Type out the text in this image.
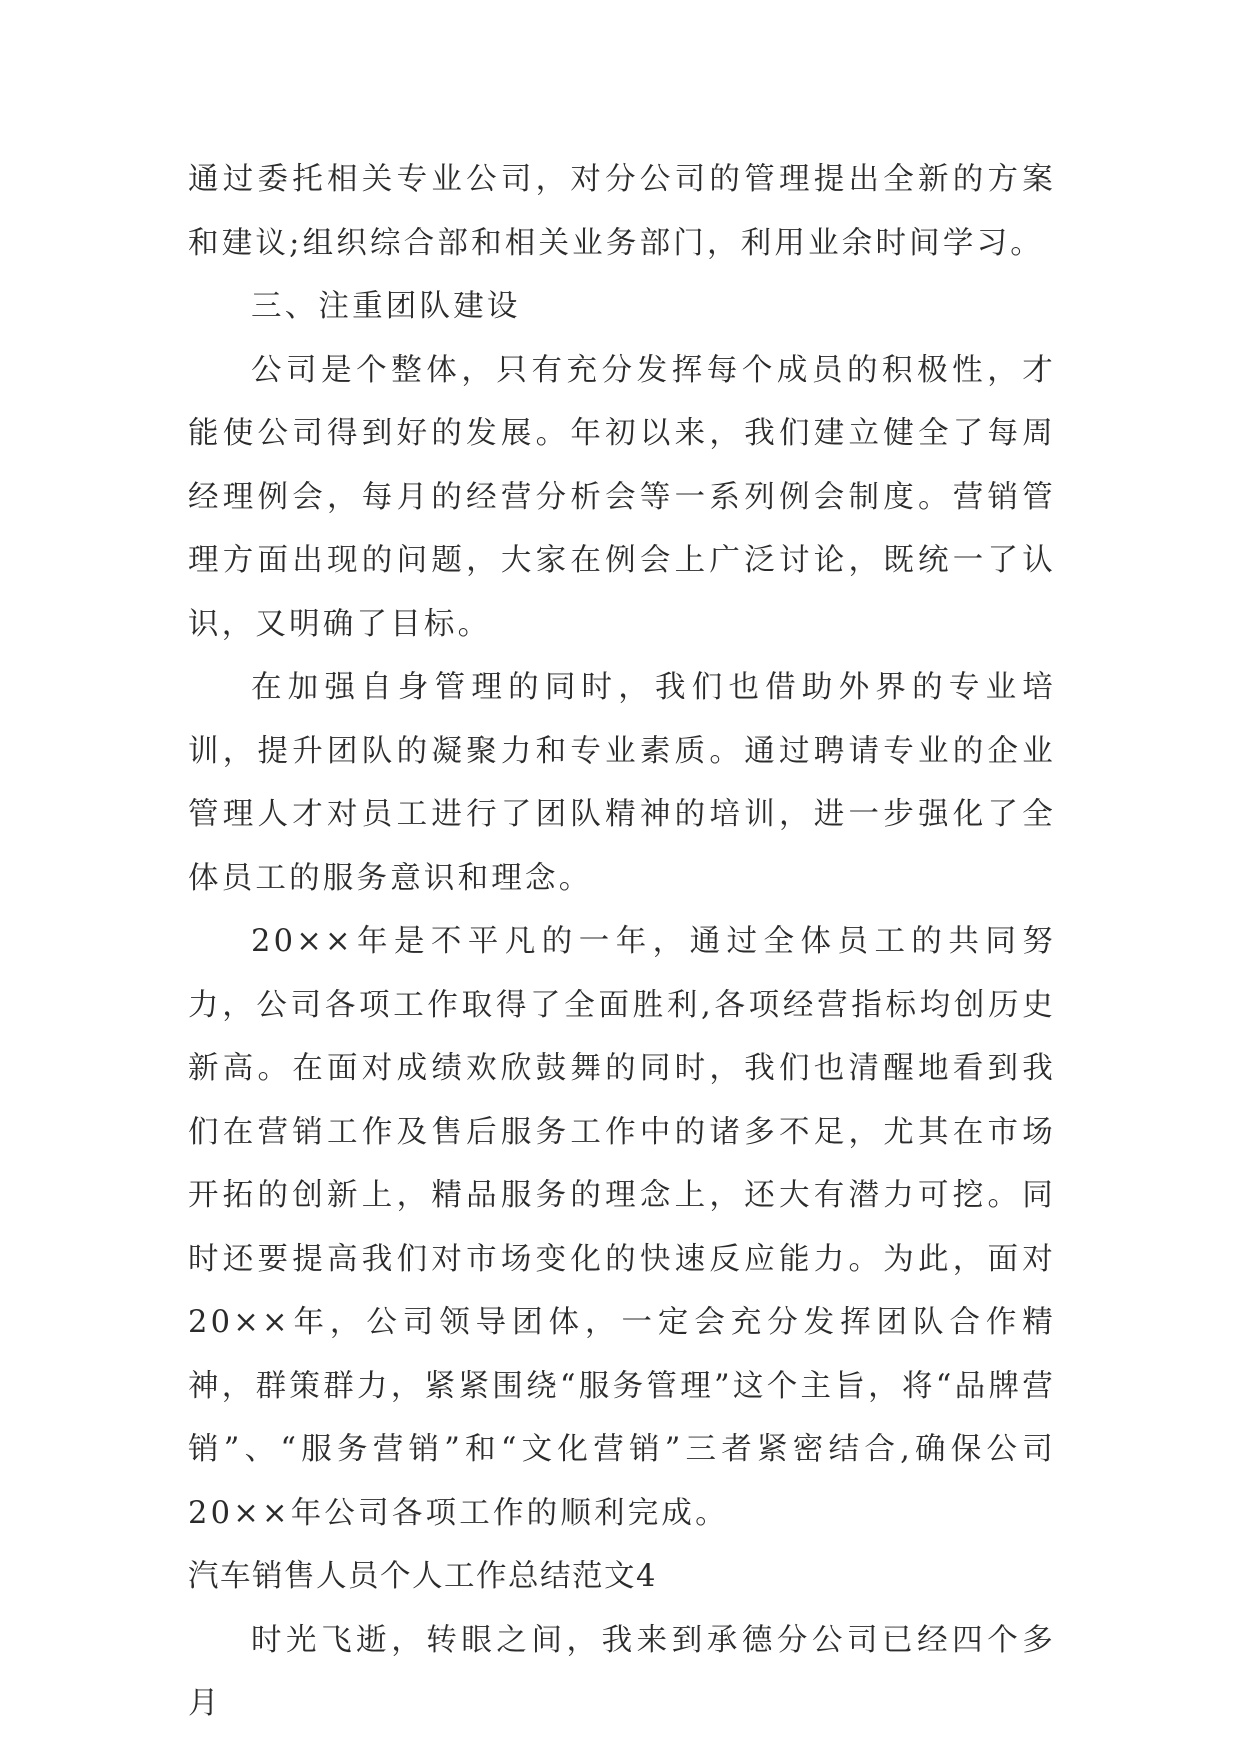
通过委托相关专业公司，对分公司的管理提出全新的方案和建议;组织综合部和相关业务部门，利用业余时间学习。

三、注重团队建设

公司是个整体，只有充分发挥每个成员的积极性，才能使公司得到好的发展。年初以来，我们建立健全了每周经理例会，每月的经营分析会等一系列例会制度。营销管理方面出现的问题，大家在例会上广泛讨论，既统一了认识，又明确了目标。

在加强自身管理的同时，我们也借助外界的专业培训，提升团队的凝聚力和专业素质。通过聘请专业的企业管理人才对员工进行了团队精神的培训，进一步强化了全体员工的服务意识和理念。

20××年是不平凡的一年，通过全体员工的共同努力，公司各项工作取得了全面胜利,各项经营指标均创历史新高。在面对成绩欢欣鼓舞的同时，我们也清醒地看到我们在营销工作及售后服务工作中的诸多不足，尤其在市场开拓的创新上，精品服务的理念上，还大有潜力可挖。同时还要提高我们对市场变化的快速反应能力。为此，面对20××年，公司领导团体，一定会充分发挥团队合作精神，群策群力，紧紧围绕“服务管理”这个主旨，将“品牌营销”、“服务营销”和“文化营销”三者紧密结合,确保公司20××年公司各项工作的顺利完成。

汽车销售人员个人工作总结范文4

时光飞逝，转眼之间，我来到承德分公司已经四个多月
